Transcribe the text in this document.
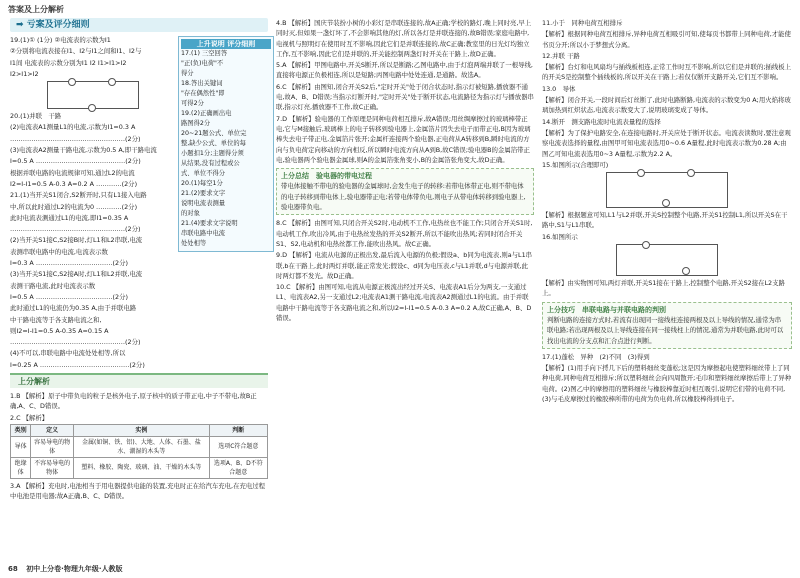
答案及上分解析
➡ 亏案及评分细则

19.(1)① (1分) ②电流表的示数为I1

②分别将电流表接在I1、I2与I1之间和I1、I2与

I1间 电流表的示数分别为I1 I2 I1>I1>I2

I2>I1>I2

20.(1)并联　干路

(2)电流表A1测量L1的电流,示数为I1=0.3 A

………………………………………………(2分)

(3)电流表A2测量干路电流,示数为0.5 A,即干路电流

I=0.5 A ……………………………………(2分)

根据并联电路的电流规律可知,通过L2的电流

I2=I-I1=0.5 A-0.3 A=0.2 A …………(2分)

21.(1)当开关S1闭合,S2断开时,只有L1接入电路

中,所以此时通过L2的电流为0 …………(2分)

此时电流表测通过L1的电流,即I1=0.35 A

………………………………………………(2分)

(2)当开关S1接C,S2接B时,灯L1和L2串联,电流

表测串联电路中的电流,电流表示数

I=0.3 A ………………………………(2分)

(3)当开关S1接C,S2接A时,灯L1和L2并联,电流

表测干路电流,此时电流表示数

I=0.5 A ………………………………(2分)

此时通过L1的电流仍为0.35 A,由于并联电路

中干路电流等于各支路电流之和,

则I2=I-I1=0.5 A-0.35 A=0.15 A

………………………………………………(2分)

(4)不可以,串联电路中电流处处相等,所以

I=0.25 A ……………………………………(2分)

上分解析

1.B 【解析】原子中带负电的粒子是核外电子,原子核中的质子带正电,中子不带电,故B正确,A、C、D错误。

2.C 【解析】

类别	定义	实例	判断
导体	容易导电的物体	金属(如铜、铁、铝)、大地、人体、石墨、盐水、潮湿的木头等	选项C符合题意
绝缘体	不容易导电的物体	塑料、橡胶、陶瓷、玻璃、油、干燥的木头等	选项A、B、D不符合题意

3.A 【解析】充电时,电池相当于用电器提供电能的装置,充电时正在给汽车充电,在充电过程中电池是用电器;故A正确,B、C、D错误。

上升说明 评分细则
17.(1) 三空回答
"正(负)电荷"不
得分
18.答出关键词
"存在偶然性"即
可得2分
19.(2)正确画出电
路图得2分
20~21题公式、单位完
整,缺少公式、单位的每
小题扣1分;主题得分须
从结果,没有过程或公
式、单位不得分
20.(1)每空1分
21.(2)要求文字
说明电流表测量
的对象
21.(4)要求文字说明
串联电路中电流
处处相等

4.B 【解析】国庆节装扮小树的小彩灯是串联连接的,故A正确;学校的路灯,晚上同时亮,早上同时灭,但如果一盏灯坏了,不会影响其他的灯,所以各灯是并联连接的,故B错误;家庭电路中,电视机与照明灯在使用时互不影响,因此它们是并联连接的,故C正确;教室里的日光灯均独立工作,互不影响,因此它们是并联的,开关能控制两盏灯时开关在干路上,故D正确。

5.A 【解析】甲图电路中,开关S断开,所以是断路;乙图电路中,由于灯泡两端并联了一根导线,直接将电源正负极相连,所以是短路;丙图电路中处处连通,是通路。故选A。

6.C 【解析】由图知,闭合开关S2后,"定时开关"处于闭合状态时,指示灯被短路,播放器不通电,故A、B、D错误;当指示灯断开时,"定时开关"处于断开状态,电流路径为指示灯与播放器串联,指示灯亮,播放器不工作,故C正确。

7.D 【解析】验电器的工作原理是同种电荷相互排斥,故A错误;用丝绸摩擦过的玻璃棒带正电,它与M接触后,玻璃棒上的电子转移到验电器上,金属箔片因失去电子而带正电,B因为玻璃棒失去电子带正电,金属箔片张开;金属杆连接两个验电器,正电荷从A转移到B,瞬时电流的方向与负电荷定向移动的方向相反,所以瞬时电流方向从A到B,故C错误;验电器B的金属箔带正电,验电器两个验电器金属球,则A的金属箔张角变小,B的金属箔张角变大,故D正确。

上分总结　验电器的带电过程
带电体接触不带电的验电器的金属球时,会发生电子的转移:若带电体带正电,则不带电体的电子转移到带电体上,验电器带正电;若带电体带负电,则电子从带电体转移到验电器上,验电器带负电。

8.C 【解析】由图可知,只闭合开关S2时,电动机不工作,电热丝也不能工作;只闭合开关S1时,电动机工作,吹出冷风,由于电热丝发热的开关S2断开,所以不能吹出热风;若同时闭合开关S1、S2,电动机和电热丝都工作,能吹出热风。故C正确。

9.D 【解析】电流从电源的正极出发,最后流入电源的负极;假设a、b同为电流表,则a与L1串联,b在干路上,此时两灯并联,能正常发光;假设c、d同为电压表,c与L1并联,d与电源并联,此时两灯都不发光。故D正确。

10.C 【解析】由图可知,电流从电源正极流出经过开关S、电流表A1后分为两支,一支通过L1、电流表A2,另一支通过L2;电流表A1测干路电流,电流表A2测通过L1的电流。由于并联电路中干路电流等于各支路电流之和,所以I2=I-I1=0.5 A-0.3 A=0.2 A,故C正确,A、B、D错误。

11.小于　同种电荷互相排斥

【解析】根据同种电荷互相排斥,异种电荷互相吸引可知,使每页书都带上同种电荷,才能使书页分开;所以小于梦想式分离。

12.并联 干路

【解析】台灯和电风扇均与插线板相连,正常工作时互不影响,所以它们是并联的;插线板上的开关S是控制整个插线板的,所以开关在干路上;若仅仅断开支路开关,它们互不影响。

13.0　导体

【解析】闭合开关,一段时间后灯丝断了,此时电路断路,电流表的示数变为0 A;用火焰将玻璃加热到红炽状态,电流表示数变大了,说明玻璃变成了导体。

14.断开　测支路电流时电流表量程的选择

【解析】为了保护电路安全,在连接电路时,开关应处于断开状态。电流表读数时,要注意观察电流表选择的量程,由图甲可知电流表选用0~0.6 A量程,此时电流表示数为0.28 A;由图乙可知电流表选用0~3 A量程,示数为2.2 A。

15.如图所示(合理即可)

【解析】根据题意可知,L1与L2并联,开关S控制整个电路,开关S1控制L1,所以开关S在干路中,S1与L1串联。

16.如图所示

【解析】由实物图可知,两灯并联,开关S1接在干路上,控制整个电路,开关S2接在L2支路上。

上分技巧　串联电路与并联电路的判别
判断电路的连接方式时,若流有出现同一接线柱连接两根及以上导线的情况,通常为串联电路;若出现两根及以上导线连接在同一接线柱上的情况,通常为并联电路,此时可以找出电流的分支点和汇合点进行判断。

17.(1)蓬松　异种　(2)不同　(3)得到

【解析】(1)用手向下捋几下后的塑料细丝变蓬松;这是因为摩擦起电使塑料细丝带上了同种电荷,同种电荷互相排斥;所以塑料细丝会向四周散开;毛巾和塑料细丝摩擦后带上了异种电荷。(2)图乙中的摩擦用的塑料细丝与橡胶棒靠近时相互吸引,说明它们带的电荷不同,(3)与毛皮摩擦过的橡胶棒所带的电荷为负电荷,所以橡胶棒得到电子。

68 初中上分卷·物理九年级·人教版
